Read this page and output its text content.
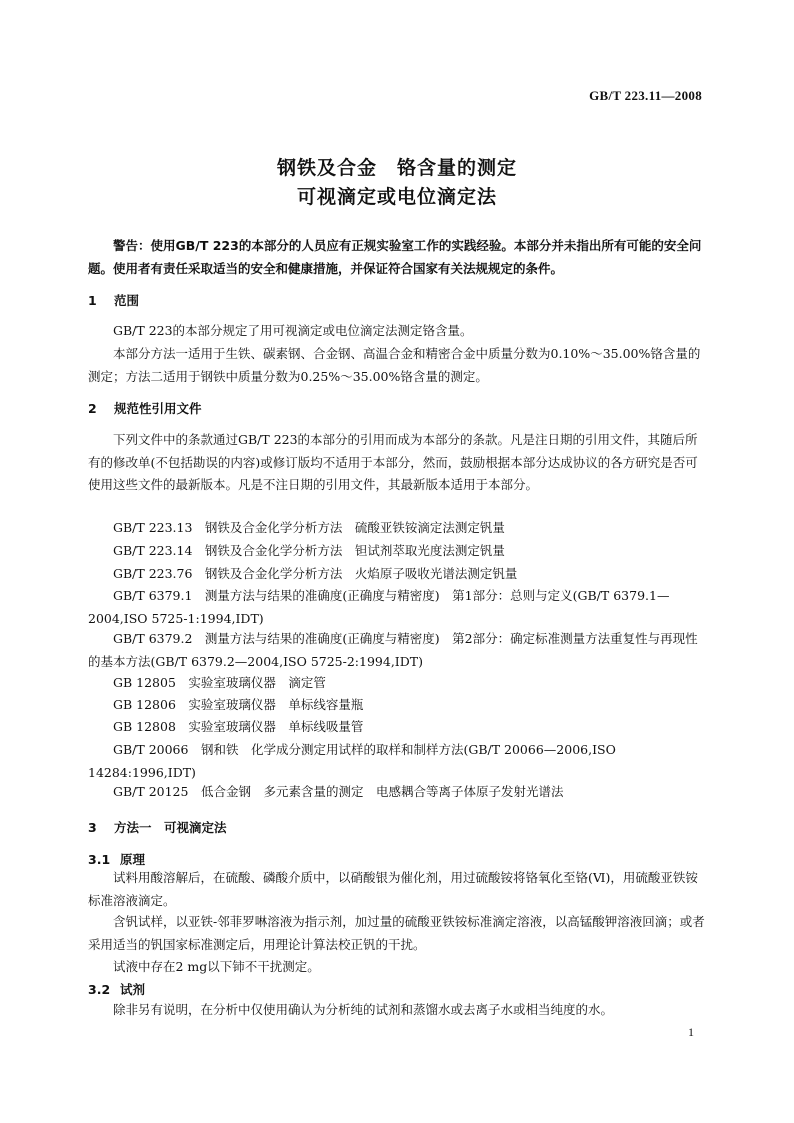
GB/T 223.11—2008
钢铁及合金　铬含量的测定
可视滴定或电位滴定法
警告：使用GB/T 223的本部分的人员应有正规实验室工作的实践经验。本部分并未指出所有可能的安全问题。使用者有责任采取适当的安全和健康措施，并保证符合国家有关法规规定的条件。
1 范围
GB/T 223的本部分规定了用可视滴定或电位滴定法测定铬含量。
本部分方法一适用于生铁、碳素钢、合金钢、高温合金和精密合金中质量分数为0.10%～35.00%铬含量的测定；方法二适用于钢铁中质量分数为0.25%～35.00%铬含量的测定。
2 规范性引用文件
下列文件中的条款通过GB/T 223的本部分的引用而成为本部分的条款。凡是注日期的引用文件，其随后所有的修改单(不包括勘误的内容)或修订版均不适用于本部分，然而，鼓励根据本部分达成协议的各方研究是否可使用这些文件的最新版本。凡是不注日期的引用文件，其最新版本适用于本部分。
GB/T 223.13　钢铁及合金化学分析方法　硫酸亚铁铵滴定法测定钒量
GB/T 223.14　钢铁及合金化学分析方法　钽试剂萃取光度法测定钒量
GB/T 223.76　钢铁及合金化学分析方法　火焰原子吸收光谱法测定钒量
GB/T 6379.1　测量方法与结果的准确度(正确度与精密度)　第1部分：总则与定义(GB/T 6379.1—2004,ISO 5725-1:1994,IDT)
GB/T 6379.2　测量方法与结果的准确度(正确度与精密度)　第2部分：确定标准测量方法重复性与再现性的基本方法(GB/T 6379.2—2004,ISO 5725-2:1994,IDT)
GB 12805　实验室玻璃仪器　滴定管
GB 12806　实验室玻璃仪器　单标线容量瓶
GB 12808　实验室玻璃仪器　单标线吸量管
GB/T 20066　钢和铁　化学成分测定用试样的取样和制样方法(GB/T 20066—2006,ISO 14284:1996,IDT)
GB/T 20125　低合金钢　多元素含量的测定　电感耦合等离子体原子发射光谱法
3 方法一　可视滴定法
3.1 原理
试料用酸溶解后，在硫酸、磷酸介质中，以硝酸银为催化剂，用过硫酸铵将铬氧化至铬(Ⅵ)，用硫酸亚铁铵标准溶液滴定。
含钒试样，以亚铁-邻菲罗啉溶液为指示剂，加过量的硫酸亚铁铵标准滴定溶液，以高锰酸钾溶液回滴；或者采用适当的钒国家标准测定后，用理论计算法校正钒的干扰。
试液中存在2 mg以下铈不干扰测定。
3.2 试剂
除非另有说明，在分析中仅使用确认为分析纯的试剂和蒸馏水或去离子水或相当纯度的水。
1
